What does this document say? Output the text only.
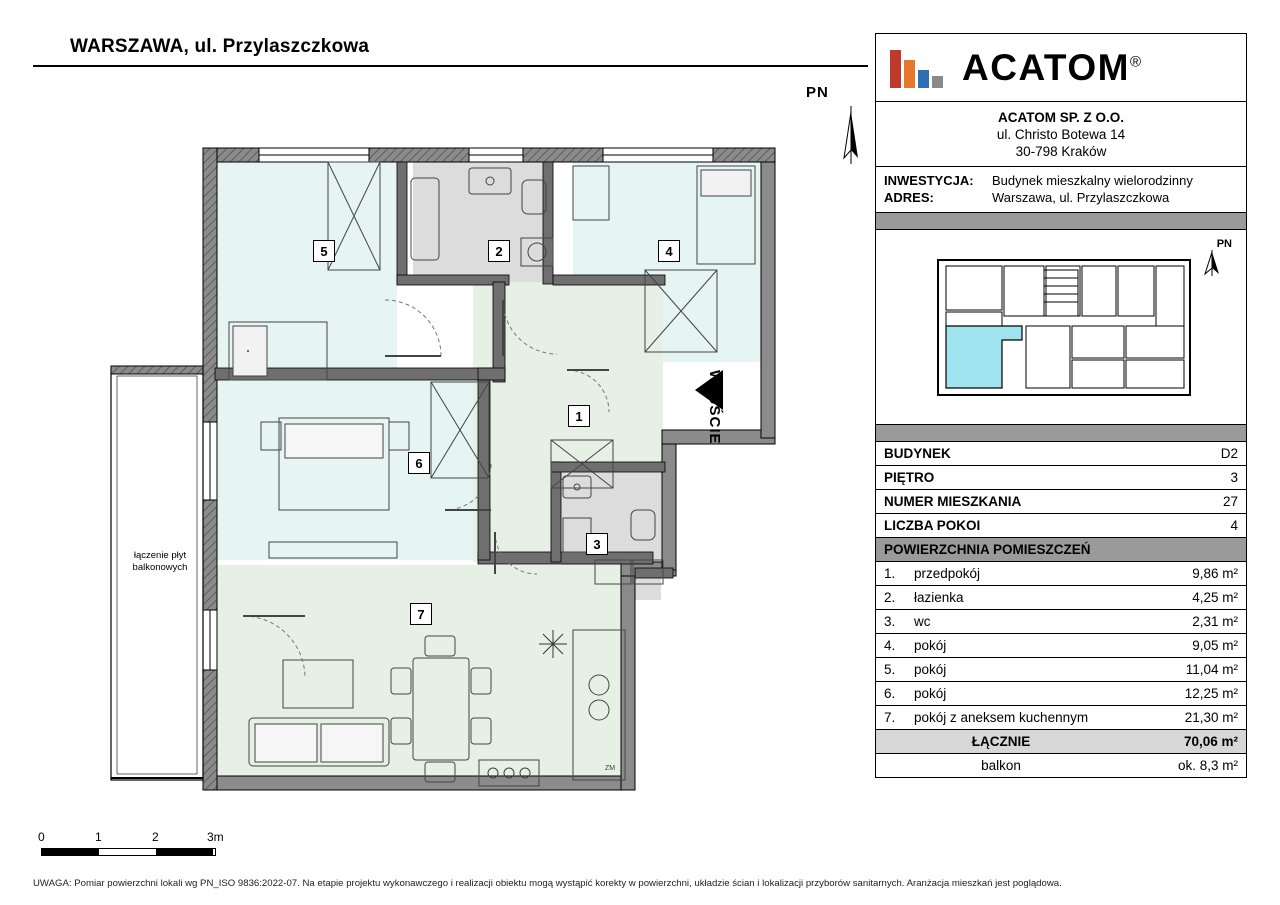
WARSZAWA, ul. Przylaszczkowa
PN
ZM
5	2	4
1
6
3
7
łączenie płyt balkonowych
WEJŚCIE
0	1	2	3m
UWAGA: Pomiar powierzchni lokali wg PN_ISO 9836:2022-07. Na etapie projektu wykonawczego i realizacji obiektu mogą wystąpić korekty w powierzchni, układzie ścian i lokalizacji przyborów sanitarnych. Aranżacja mieszkań jest poglądowa.
ACATOM®
ACATOM SP. Z O.O.
ul. Christo Botewa 14
30-798 Kraków
INWESTYCJA:	Budynek mieszkalny wielorodzinny
ADRES:	Warszawa, ul. Przylaszczkowa
PN
BUDYNEK		D2
PIĘTRO		3
NUMER MIESZKANIA		27
LICZBA POKOI		4
POWIERZCHNIA POMIESZCZEŃ		
1.	przedpokój	9,86 m²
2.	łazienka	4,25 m²
3.	wc	2,31 m²
4.	pokój	9,05 m²
5.	pokój	11,04 m²
6.	pokój	12,25 m²
7.	pokój z aneksem kuchennym	21,30 m²
ŁĄCZNIE		70,06 m²
balkon		ok. 8,3 m²
